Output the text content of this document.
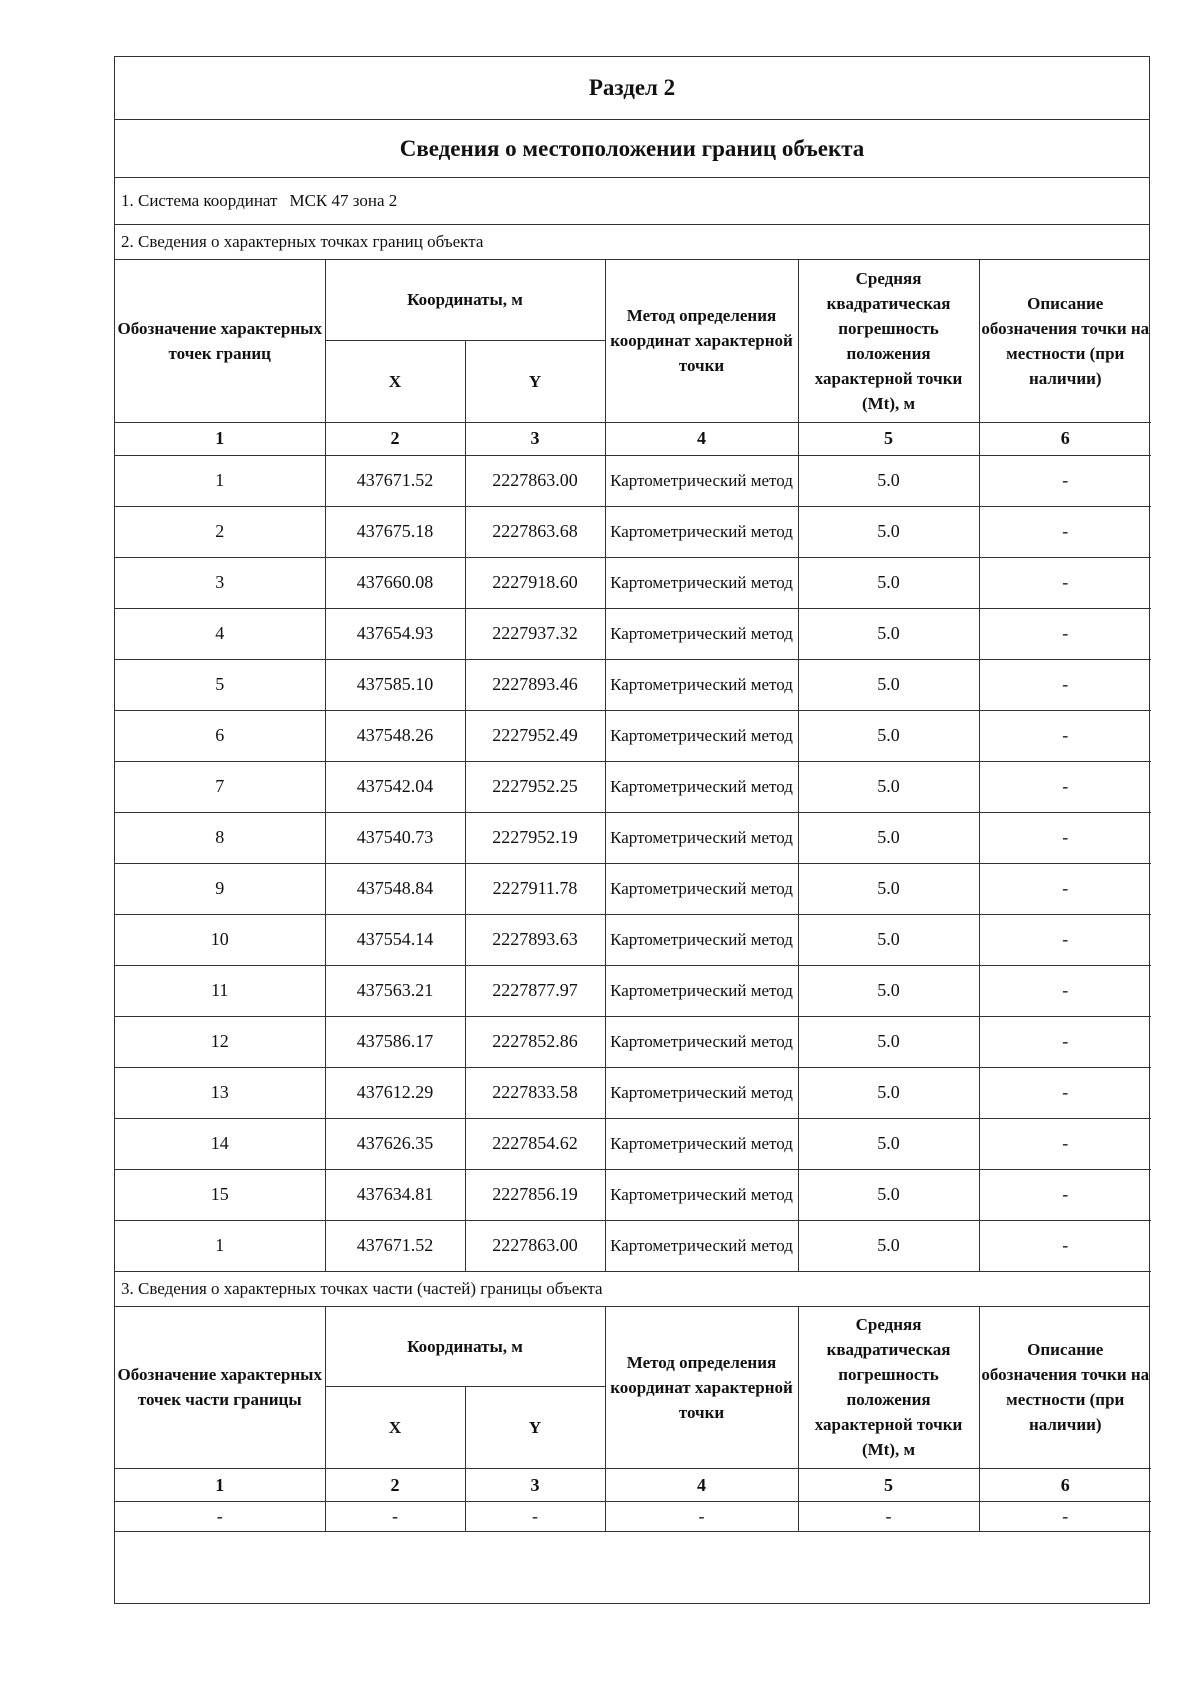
Раздел 2
Сведения о местоположении границ объекта
1. Система координат МСК 47 зона 2
2. Сведения о характерных точках границ объекта
Обозначение характерных точек границ	Координаты, м		Метод определения координат характерной точки	Средняя квадратическая погрешность положения характерной точки (Mt), м	Описание обозначения точки на местности (при наличии)
	X	Y			
1	2	3	4	5	6
1	437671.52	2227863.00	Картометрический метод	5.0	-
2	437675.18	2227863.68	Картометрический метод	5.0	-
3	437660.08	2227918.60	Картометрический метод	5.0	-
4	437654.93	2227937.32	Картометрический метод	5.0	-
5	437585.10	2227893.46	Картометрический метод	5.0	-
6	437548.26	2227952.49	Картометрический метод	5.0	-
7	437542.04	2227952.25	Картометрический метод	5.0	-
8	437540.73	2227952.19	Картометрический метод	5.0	-
9	437548.84	2227911.78	Картометрический метод	5.0	-
10	437554.14	2227893.63	Картометрический метод	5.0	-
11	437563.21	2227877.97	Картометрический метод	5.0	-
12	437586.17	2227852.86	Картометрический метод	5.0	-
13	437612.29	2227833.58	Картометрический метод	5.0	-
14	437626.35	2227854.62	Картометрический метод	5.0	-
15	437634.81	2227856.19	Картометрический метод	5.0	-
1	437671.52	2227863.00	Картометрический метод	5.0	-
3. Сведения о характерных точках части (частей) границы объекта
Обозначение характерных точек части границы	Координаты, м		Метод определения координат характерной точки	Средняя квадратическая погрешность положения характерной точки (Mt), м	Описание обозначения точки на местности (при наличии)
	X	Y			
1	2	3	4	5	6
-	-	-	-	-	-
